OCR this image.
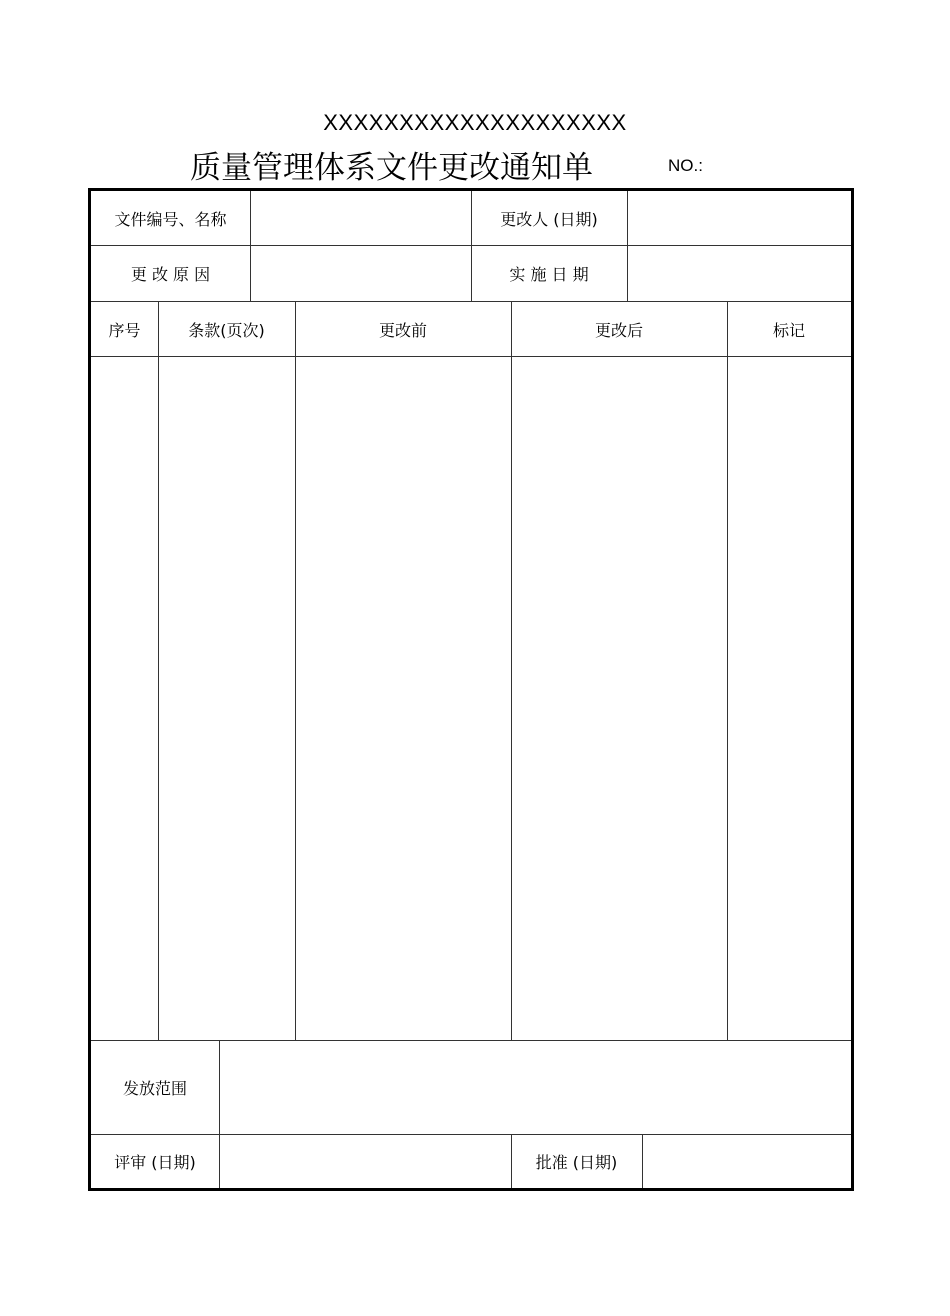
XXXXXXXXXXXXXXXXXXXX
质量管理体系文件更改通知单	NO.:
文件编号、名称	更改人 (日期)
更 改 原 因	实 施 日 期
序号	条款(页次)	更改前	更改后	标记
发放范围
评审 (日期)	批准 (日期)
